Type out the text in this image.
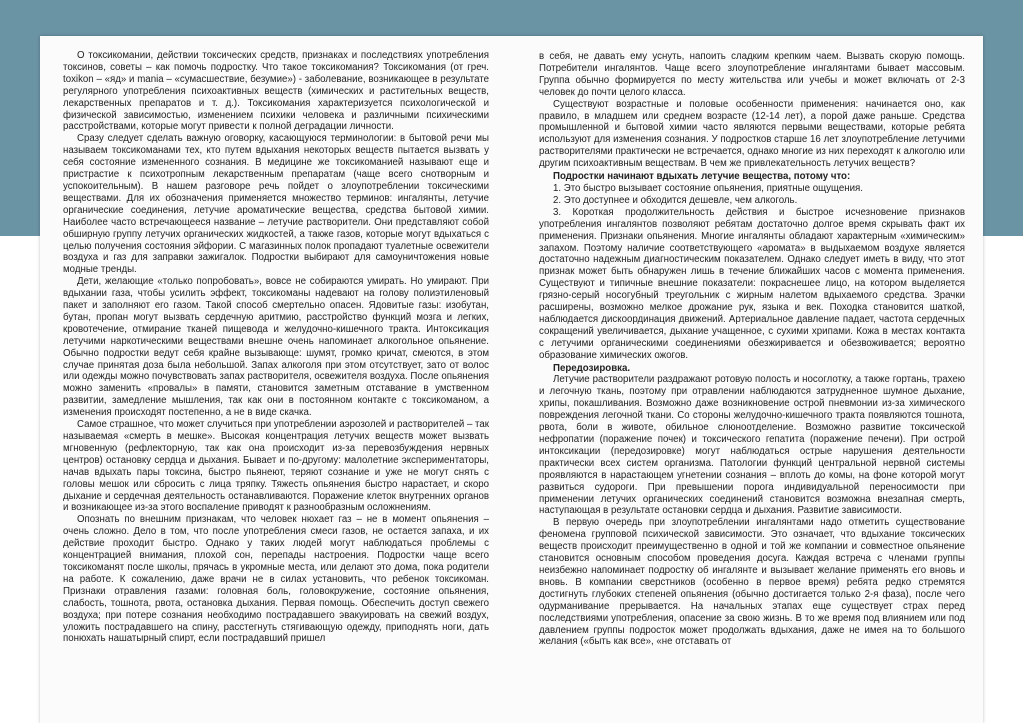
О токсикомании, действии токсических средств, признаках и последствиях употребления токсинов, советы – как помочь подростку. Что такое токсикомания? Токсикомания (от греч. toxikon – «яд» и mania – «сумасшествие, безумие») - заболевание, возникающее в результате регулярного употребления психоактивных веществ (химических и растительных веществ, лекарственных препаратов и т. д.). Токсикомания характеризуется психологической и физической зависимостью, изменением психики человека и различными психическими расстройствами, которые могут привести к полной деградации личности.

Сразу следует сделать важную оговорку, касающуюся терминологии: в бытовой речи мы называем токсикоманами тех, кто путем вдыхания некоторых веществ пытается вызвать у себя состояние измененного сознания. В медицине же токсикоманией называют еще и пристрастие к психотропным лекарственным препаратам (чаще всего снотворным и успокоительным). В нашем разговоре речь пойдет о злоупотреблении токсическими веществами. Для их обозначения применяется множество терминов: ингалянты, летучие органические соединения, летучие ароматические вещества, средства бытовой химии. Наиболее часто встречающееся название – летучие растворители. Они представляют собой обширную группу летучих органических жидкостей, а также газов, которые могут вдыхаться с целью получения состояния эйфории. С магазинных полок пропадают туалетные освежители воздуха и газ для заправки зажигалок. Подростки выбирают для самоуничтожения новые модные тренды.

Дети, желающие «только попробовать», вовсе не собираются умирать. Но умирают. При вдыхании газа, чтобы усилить эффект, токсикоманы надевают на голову полиэтиленовый пакет и заполняют его газом. Такой способ смертельно опасен. Ядовитые газы: изобутан, бутан, пропан могут вызвать сердечную аритмию, расстройство функций мозга и легких, кровотечение, отмирание тканей пищевода и желудочно-кишечного тракта. Интоксикация летучими наркотическими веществами внешне очень напоминает алкогольное опьянение. Обычно подростки ведут себя крайне вызывающе: шумят, громко кричат, смеются, в этом случае принятая доза была небольшой. Запах алкоголя при этом отсутствует, зато от волос или одежды можно почувствовать запах растворителя, освежителя воздуха. После опьянения можно заменить «провалы» в памяти, становится заметным отставание в умственном развитии, замедление мышления, так как они в постоянном контакте с токсикоманом, а изменения происходят постепенно, а не в виде скачка.

Самое страшное, что может случиться при употреблении аэрозолей и растворителей – так называемая «смерть в мешке». Высокая концентрация летучих веществ может вызвать мгновенную (рефлекторную, так как она происходит из-за перевозбуждения нервных центров) остановку сердца и дыхания. Бывает и по-другому: малолетние экспериментаторы, начав вдыхать пары токсина, быстро пьянеют, теряют сознание и уже не могут снять с головы мешок или сбросить с лица тряпку. Тяжесть опьянения быстро нарастает, и скоро дыхание и сердечная деятельность останавливаются. Поражение клеток внутренних органов и возникающее из-за этого воспаление приводят к разнообразным осложнениям.

Опознать по внешним признакам, что человек нюхает газ – не в момент опьянения – очень сложно. Дело в том, что после употребления смеси газов, не остается запаха, и их действие проходит быстро. Однако у таких людей могут наблюдаться проблемы с концентрацией внимания, плохой сон, перепады настроения. Подростки чаще всего токсикоманят после школы, прячась в укромные места, или делают это дома, пока родители на работе. К сожалению, даже врачи не в силах установить, что ребенок токсикоман. Признаки отравления газами: головная боль, головокружение, состояние опьянения, слабость, тошнота, рвота, остановка дыхания. Первая помощь. Обеспечить доступ свежего воздуха; при потере сознания необходимо пострадавшего эвакуировать на свежий воздух, уложить пострадавшего на спину, расстегнуть стягивающую одежду, приподнять ноги, дать понюхать нашатырный спирт, если пострадавший пришел

в себя, не давать ему уснуть, напоить сладким крепким чаем. Вызвать скорую помощь. Потребители ингалянтов. Чаще всего злоупотребление ингалянтами бывает массовым. Группа обычно формируется по месту жительства или учебы и может включать от 2-3 человек до почти целого класса.

Существуют возрастные и половые особенности применения: начинается оно, как правило, в младшем или среднем возрасте (12-14 лет), а порой даже раньше. Средства промышленной и бытовой химии часто являются первыми веществами, которые ребята используют для изменения сознания. У подростков старше 16 лет злоупотребление летучими растворителями практически не встречается, однако многие из них переходят к алкоголю или другим психоактивным веществам. В чем же привлекательность летучих веществ?

Подростки начинают вдыхать летучие вещества, потому что:

1. Это быстро вызывает состояние опьянения, приятные ощущения.

2. Это доступнее и обходится дешевле, чем алкоголь.

3. Короткая продолжительность действия и быстрое исчезновение признаков употребления ингалянтов позволяют ребятам достаточно долгое время скрывать факт их применения. Признаки опьянения. Многие ингалянты обладают характерным «химическим» запахом. Поэтому наличие соответствующего «аромата» в выдыхаемом воздухе является достаточно надежным диагностическим показателем. Однако следует иметь в виду, что этот признак может быть обнаружен лишь в течение ближайших часов с момента применения. Существуют и типичные внешние показатели: покраснешее лицо, на котором выделяется грязно-серый носогубный треугольник с жирным налетом вдыхаемого средства. Зрачки расширены, возможно мелкое дрожание рук, языка и век. Походка становится шаткой, наблюдается дискоординация движений. Артериальное давление падает, частота сердечных сокращений увеличивается, дыхание учащенное, с сухими хрипами. Кожа в местах контакта с летучими органическими соединениями обезжиривается и обезвоживается; вероятно образование химических ожогов.

Передозировка.

Летучие растворители раздражают ротовую полость и носоглотку, а также гортань, трахею и легочную ткань, поэтому при отравлении наблюдаются затрудненное шумное дыхание, хрипы, покашливания. Возможно даже возникновение острой пневмонии из-за химического повреждения легочной ткани. Со стороны желудочно-кишечного тракта появляются тошнота, рвота, боли в животе, обильное слюноотделение. Возможно развитие токсической нефропатии (поражение почек) и токсического гепатита (поражение печени). При острой интоксикации (передозировке) могут наблюдаться острые нарушения деятельности практически всех систем организма. Патологии функций центральной нервной системы проявляются в нарастающем угнетении сознания – вплоть до комы, на фоне которой могут развиться судороги. При превышении порога индивидуальной переносимости при применении летучих органических соединений становится возможна внезапная смерть, наступающая в результате остановки сердца и дыхания. Развитие зависимости.

В первую очередь при злоупотреблении ингалянтами надо отметить существование феномена групповой психической зависимости. Это означает, что вдыхание токсических веществ происходит преимущественно в одной и той же компании и совместное опьянение становится основным способом проведения досуга. Каждая встреча с членами группы неизбежно напоминает подростку об ингалянте и вызывает желание применять его вновь и вновь. В компании сверстников (особенно в первое время) ребята редко стремятся достигнуть глубоких степеней опьянения (обычно достигается только 2-я фаза), после чего одурманивание прерывается. На начальных этапах еще существует страх перед последствиями употребления, опасение за свою жизнь. В то же время под влиянием или под давлением группы подросток может продолжать вдыхания, даже не имея на то большого желания («быть как все», «не отставать от
